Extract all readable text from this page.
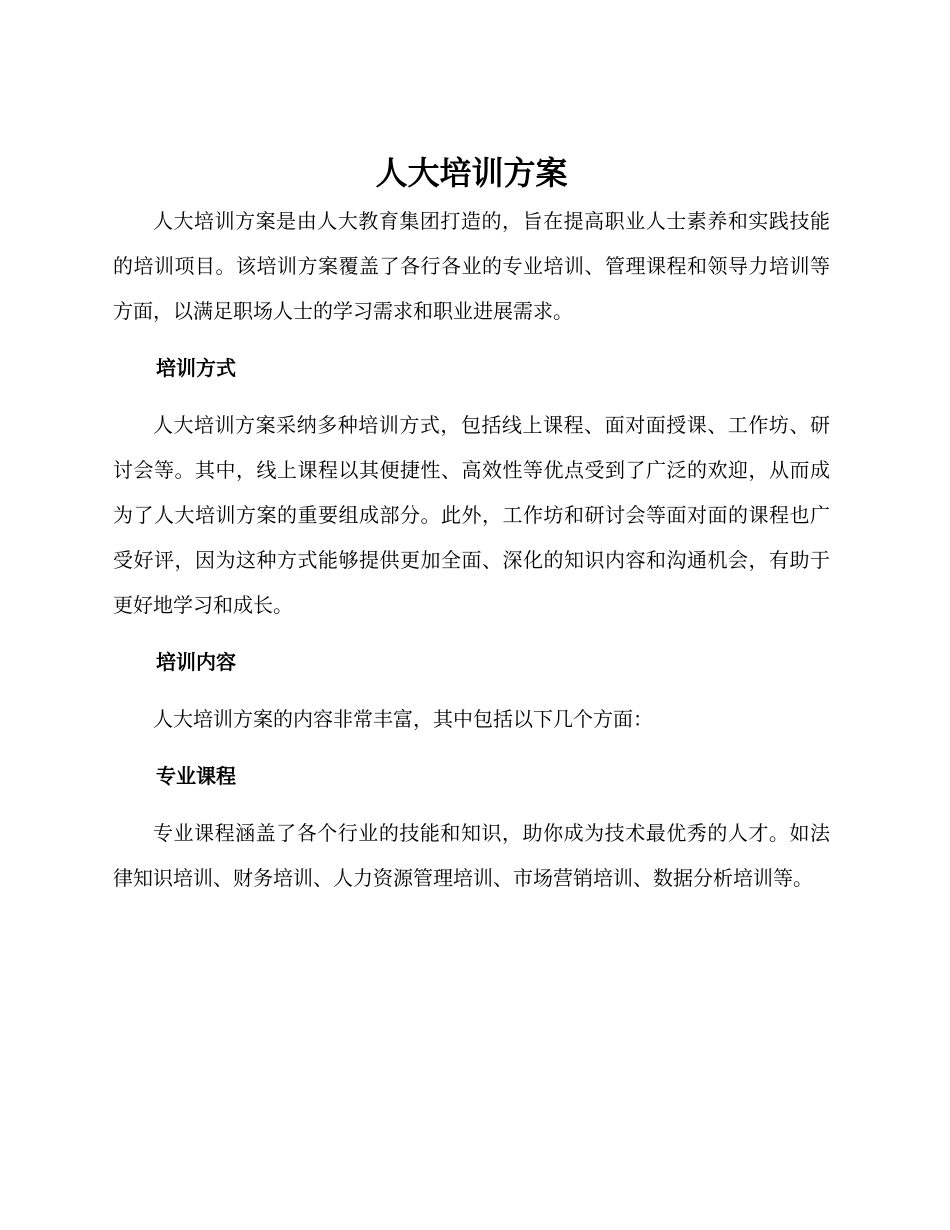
人大培训方案

人大培训方案是由人大教育集团打造的，旨在提高职业人士素养和实践技能的培训项目。该培训方案覆盖了各行各业的专业培训、管理课程和领导力培训等方面，以满足职场人士的学习需求和职业进展需求。

培训方式

人大培训方案采纳多种培训方式，包括线上课程、面对面授课、工作坊、研讨会等。其中，线上课程以其便捷性、高效性等优点受到了广泛的欢迎，从而成为了人大培训方案的重要组成部分。此外，工作坊和研讨会等面对面的课程也广受好评，因为这种方式能够提供更加全面、深化的知识内容和沟通机会，有助于更好地学习和成长。

培训内容

人大培训方案的内容非常丰富，其中包括以下几个方面：

专业课程

专业课程涵盖了各个行业的技能和知识，助你成为技术最优秀的人才。如法律知识培训、财务培训、人力资源管理培训、市场营销培训、数据分析培训等。
